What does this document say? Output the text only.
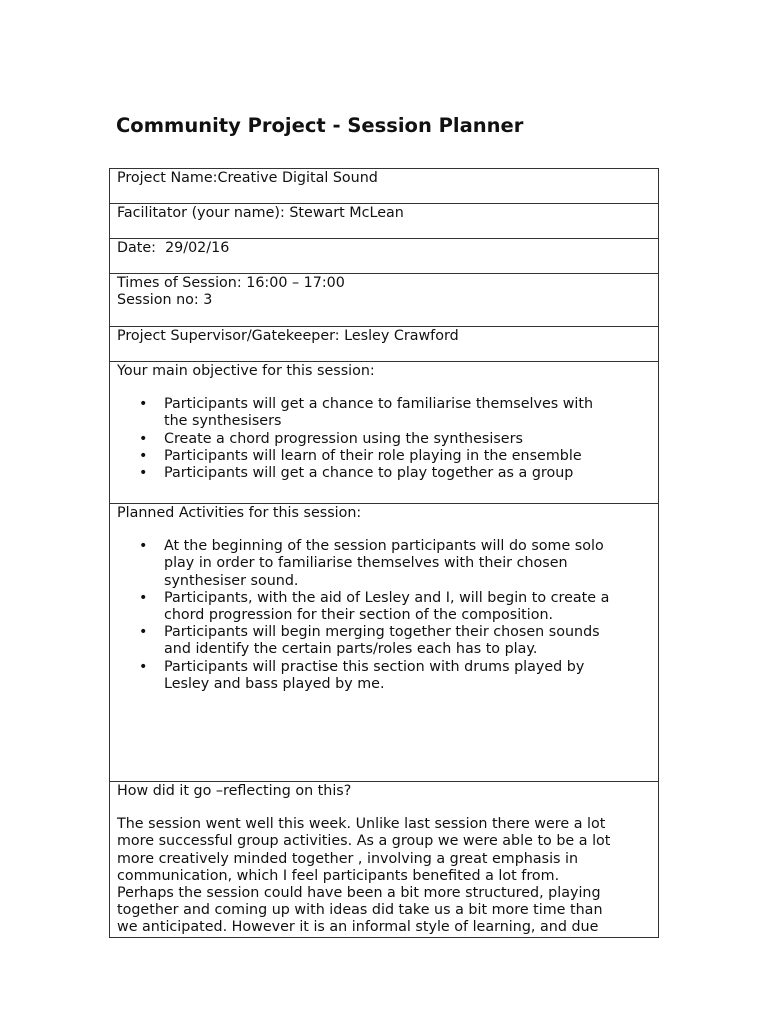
Community Project - Session Planner
Project Name:Creative Digital Sound

Facilitator (your name): Stewart McLean

Date:  29/02/16

Times of Session: 16:00 – 17:00
Session no: 3

Project Supervisor/Gatekeeper: Lesley Crawford

Your main objective for this session:
• Participants will get a chance to familiarise themselves with
the synthesisers
• Create a chord progression using the synthesisers
• Participants will learn of their role playing in the ensemble
• Participants will get a chance to play together as a group

Planned Activities for this session:
• At the beginning of the session participants will do some solo
play in order to familiarise themselves with their chosen
synthesiser sound.
• Participants, with the aid of Lesley and I, will begin to create a
chord progression for their section of the composition.
• Participants will begin merging together their chosen sounds
and identify the certain parts/roles each has to play.
• Participants will practise this section with drums played by
Lesley and bass played by me.

How did it go –reflecting on this?
The session went well this week. Unlike last session there were a lot
more successful group activities. As a group we were able to be a lot
more creatively minded together , involving a great emphasis in
communication, which I feel participants benefited a lot from.
Perhaps the session could have been a bit more structured, playing
together and coming up with ideas did take us a bit more time than
we anticipated. However it is an informal style of learning, and due
